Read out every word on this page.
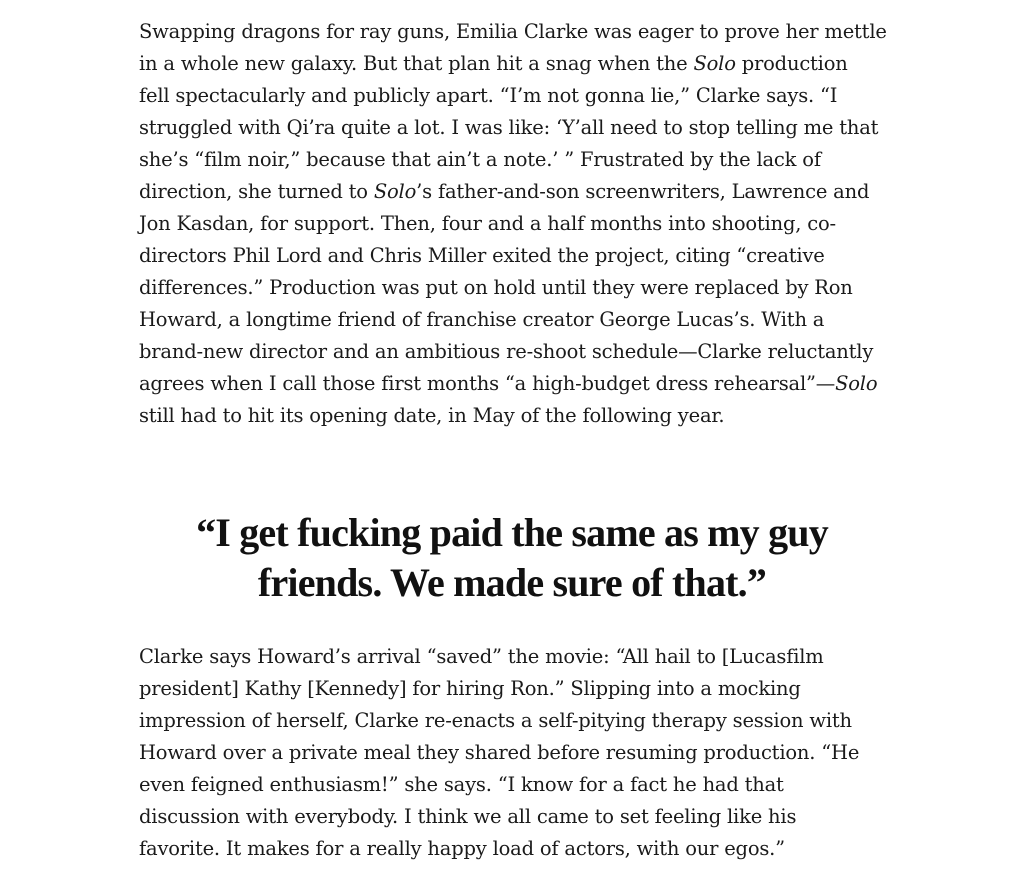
Swapping dragons for ray guns, Emilia Clarke was eager to prove her mettle
in a whole new galaxy. But that plan hit a snag when the Solo production
fell spectacularly and publicly apart. “I’m not gonna lie,” Clarke says. “I
struggled with Qi’ra quite a lot. I was like: ‘Y’all need to stop telling me that
she’s “film noir,” because that ain’t a note.’ ” Frustrated by the lack of
direction, she turned to Solo’s father-and-son screenwriters, Lawrence and
Jon Kasdan, for support. Then, four and a half months into shooting, co-
directors Phil Lord and Chris Miller exited the project, citing “creative
differences.” Production was put on hold until they were replaced by Ron
Howard, a longtime friend of franchise creator George Lucas’s. With a
brand-new director and an ambitious re-shoot schedule—Clarke reluctantly
agrees when I call those first months “a high-budget dress rehearsal”—Solo
still had to hit its opening date, in May of the following year.

“I get fucking paid the same as my guy
friends. We made sure of that.”

Clarke says Howard’s arrival “saved” the movie: “All hail to [Lucasfilm
president] Kathy [Kennedy] for hiring Ron.” Slipping into a mocking
impression of herself, Clarke re-enacts a self-pitying therapy session with
Howard over a private meal they shared before resuming production. “He
even feigned enthusiasm!” she says. “I know for a fact he had that
discussion with everybody. I think we all came to set feeling like his
favorite. It makes for a really happy load of actors, with our egos.”
